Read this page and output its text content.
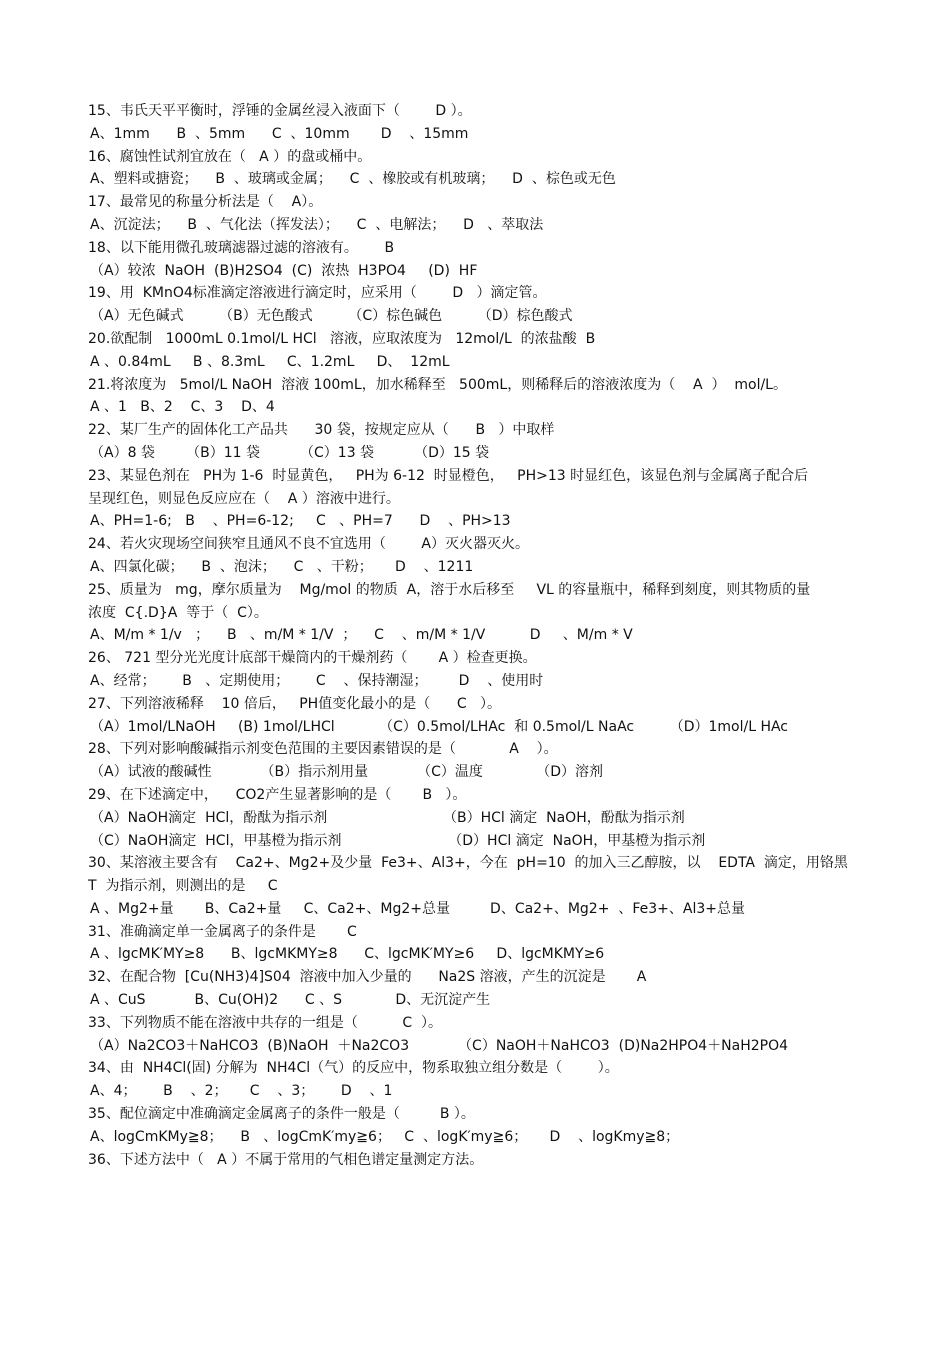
15、韦氏天平平衡时，浮锤的金属丝浸入液面下（        D ）。
A、1mm      B  、5mm      C  、10mm       D    、15mm
16、腐蚀性试剂宜放在（   A ）的盘或桶中。
A、塑料或搪瓷；    B  、玻璃或金属；    C  、橡胶或有机玻璃；    D  、棕色或无色
17、最常见的称量分析法是（    A）。
A、沉淀法；    B  、气化法（挥发法）；    C  、电解法；    D   、萃取法
18、以下能用微孔玻璃滤器过滤的溶液有。      B
（A）较浓  NaOH  (B)H2SO4  (C)  浓热  H3PO4     (D)  HF
19、用  KMnO4标准滴定溶液进行滴定时，应采用（        D   ）滴定管。
（A）无色碱式        （B）无色酸式        （C）棕色碱色        （D）棕色酸式
20.欲配制   1000mL 0.1mol/L HCl   溶液，应取浓度为   12mol/L  的浓盐酸  B
A 、0.84mL     B 、8.3mL     C、1.2mL     D、  12mL
21.将浓度为   5mol/L NaOH  溶液 100mL，加水稀释至   500mL，则稀释后的溶液浓度为（    A  ）  mol/L。
A 、1   B、2    C、3    D、4
22、某厂生产的固体化工产品共      30 袋，按规定应从（      B   ）中取样
（A）8 袋       （B）11 袋         （C）13 袋         （D）15 袋
23、某显色剂在   PH为 1-6  时显黄色，   PH为 6-12  时显橙色，   PH>13 时显红色，该显色剂与金属离子配合后
呈现红色，则显色反应应在（    A ）溶液中进行。
A、PH=1-6;   B    、PH=6-12;     C   、PH=7      D    、PH>13
24、若火灾现场空间狭窄且通风不良不宜选用（        A）灭火器灭火。
A、四氯化碳；    B  、泡沫；    C   、干粉；     D    、1211
25、质量为   mg，摩尔质量为    Mg/mol 的物质  A，溶于水后移至     VL 的容量瓶中，稀释到刻度，则其物质的量
浓度  C{.D}A  等于（  C）。
A、M/m * 1/v   ；    B   、m/M * 1/V  ；    C    、m/M * 1/V          D     、M/m * V
26、 721 型分光光度计底部干燥筒内的干燥剂药（       A ）检查更换。
A、经常；      B   、定期使用；      C    、保持潮湿；       D    、使用时
27、下列溶液稀释    10 倍后，   PH值变化最小的是（      C   ）。
（A）1mol/LNaOH     (B) 1mol/LHCl          （C）0.5mol/LHAc  和 0.5mol/L NaAc        （D）1mol/L HAc
28、下列对影响酸碱指示剂变色范围的主要因素错误的是（            A    ）。
（A）试液的酸碱性           （B）指示剂用量           （C）温度            （D）溶剂
29、在下述滴定中，    CO2产生显著影响的是（       B   ）。
（A）NaOH滴定  HCl，酚酞为指示剂                          （B）HCl 滴定  NaOH，酚酞为指示剂
（C）NaOH滴定  HCl，甲基橙为指示剂                        （D）HCl 滴定  NaOH，甲基橙为指示剂
30、某溶液主要含有    Ca2+、Mg2+及少量  Fe3+、Al3+，今在  pH=10  的加入三乙醇胺，以    EDTA  滴定，用铬黑
T  为指示剂，则测出的是     C
A 、Mg2+量       B、Ca2+量     C、Ca2+、Mg2+总量         D、Ca2+、Mg2+  、Fe3+、Al3+总量
31、准确滴定单一金属离子的条件是       C
A 、lgcMK′MY≥8      B、lgcMKMY≥8      C、lgcMK′MY≥6     D、lgcMKMY≥6
32、在配合物  [Cu(NH3)4]S04  溶液中加入少量的      Na2S 溶液，产生的沉淀是       A
A 、CuS           B、Cu(OH)2      C 、S            D、无沉淀产生
33、下列物质不能在溶液中共存的一组是（          C  ）。
（A）Na2CO3＋NaHCO3  (B)NaOH  ＋Na2CO3           （C）NaOH＋NaHCO3  (D)Na2HPO4＋NaH2PO4
34、由  NH4Cl(固) 分解为  NH4Cl（气）的反应中，物系取独立组分数是（        ）。
A、4；      B    、2；     C    、3；      D    、1
35、配位滴定中准确滴定金属离子的条件一般是（         B ）。
A、logCmKMy≧8；    B   、logCmK′my≧6；   C  、logK′my≧6；     D    、logKmy≧8；
36、下述方法中（   A ）不属于常用的气相色谱定量测定方法。
